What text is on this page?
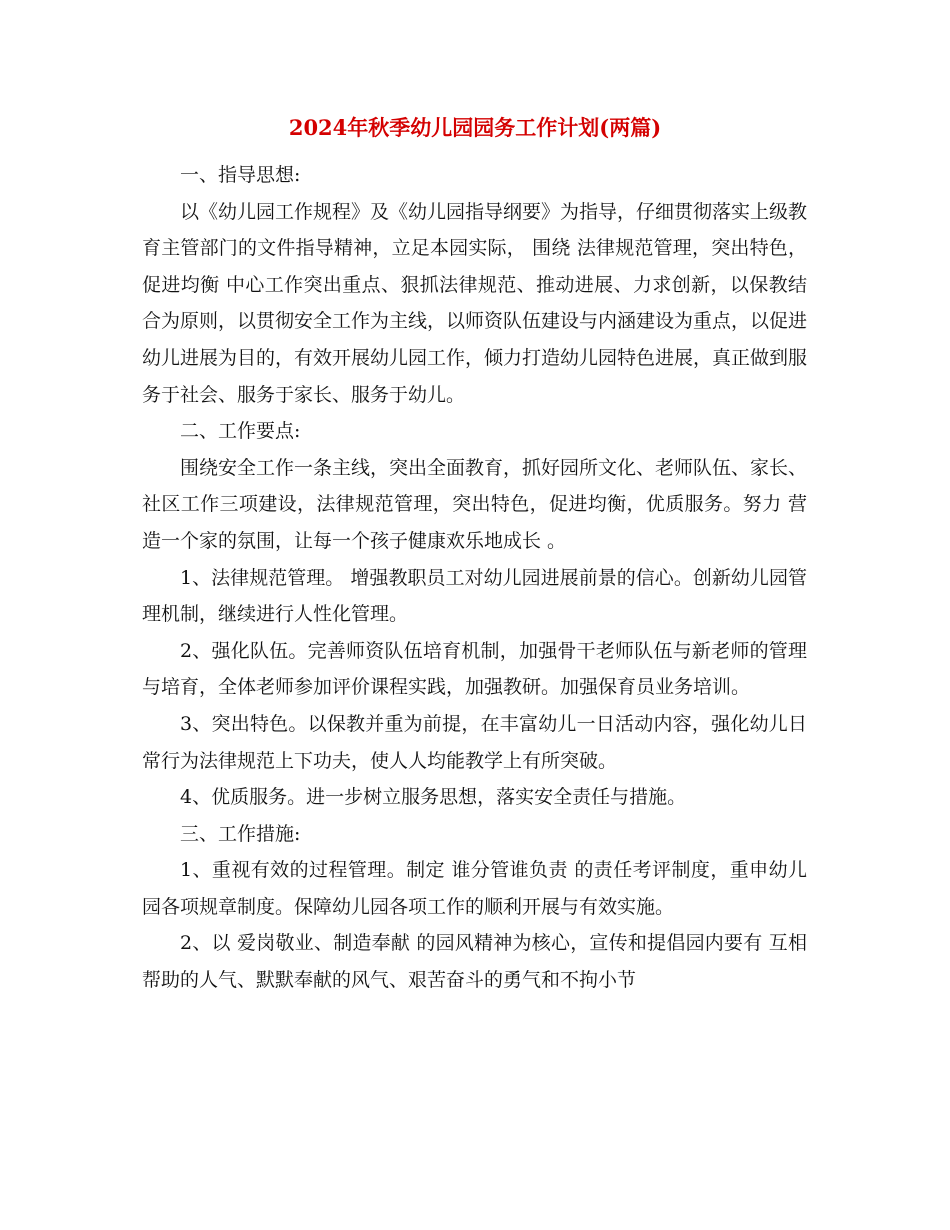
2024年秋季幼儿园园务工作计划(两篇)

一、指导思想:

以《幼儿园工作规程》及《幼儿园指导纲要》为指导，仔细贯彻落实上级教育主管部门的文件指导精神，立足本园实际， 围绕 法律规范管理，突出特色，促进均衡 中心工作突出重点、狠抓法律规范、推动进展、力求创新，以保教结合为原则，以贯彻安全工作为主线，以师资队伍建设与内涵建设为重点，以促进幼儿进展为目的，有效开展幼儿园工作，倾力打造幼儿园特色进展，真正做到服务于社会、服务于家长、服务于幼儿。

二、工作要点:

围绕安全工作一条主线，突出全面教育，抓好园所文化、老师队伍、家长、社区工作三项建设，法律规范管理，突出特色，促进均衡，优质服务。努力 营造一个家的氛围，让每一个孩子健康欢乐地成长 。

1、法律规范管理。 增强教职员工对幼儿园进展前景的信心。创新幼儿园管理机制，继续进行人性化管理。

2、强化队伍。完善师资队伍培育机制，加强骨干老师队伍与新老师的管理与培育，全体老师参加评价课程实践，加强教研。加强保育员业务培训。

3、突出特色。以保教并重为前提，在丰富幼儿一日活动内容，强化幼儿日常行为法律规范上下功夫，使人人均能教学上有所突破。

4、优质服务。进一步树立服务思想，落实安全责任与措施。

三、工作措施:

1、重视有效的过程管理。制定 谁分管谁负责 的责任考评制度，重申幼儿园各项规章制度。保障幼儿园各项工作的顺利开展与有效实施。

2、以 爱岗敬业、制造奉献 的园风精神为核心，宣传和提倡园内要有 互相帮助的人气、默默奉献的风气、艰苦奋斗的勇气和不拘小节
